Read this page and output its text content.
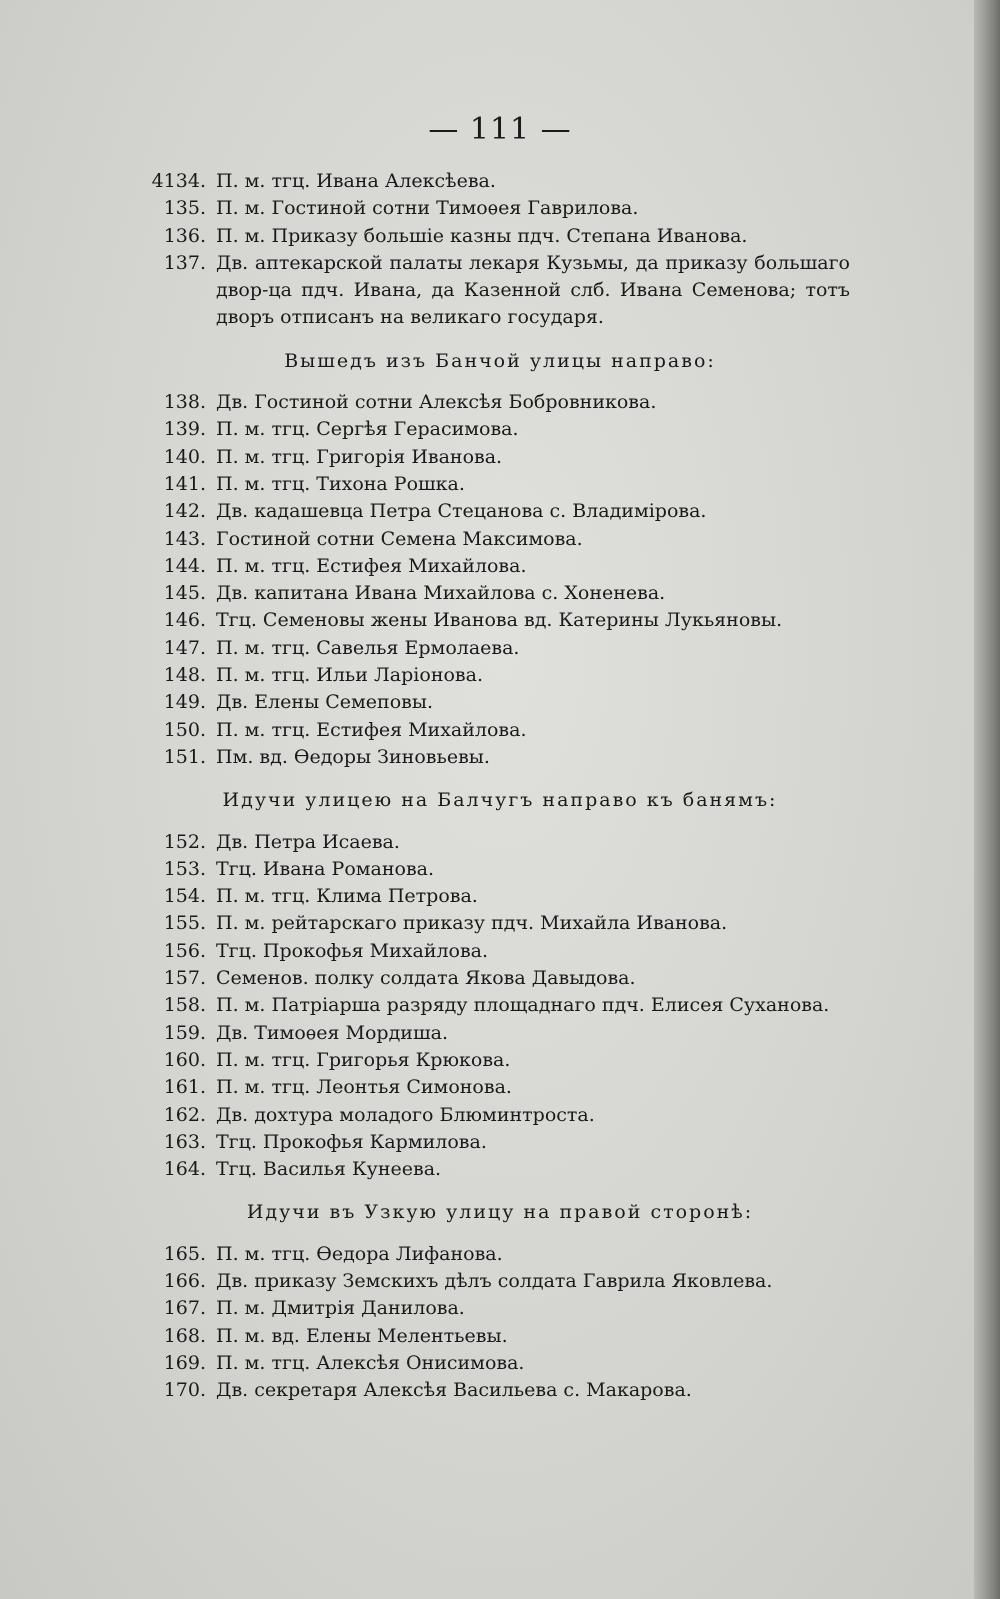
— 111 —
4134. П. м. тгц. Ивана Алексѣева.
135. П. м. Гостиной сотни Тимоѳея Гаврилова.
136. П. м. Приказу большіе казны пдч. Степана Иванова.
137. Дв. аптекарской палаты лекаря Кузьмы, да приказу большаго двор-ца пдч. Ивана, да Казенной слб. Ивана Семенова; тотъ дворъ отписанъ на великаго государя.
Вышедъ изъ Банчой улицы направо:
138. Дв. Гостиной сотни Алексѣя Бобровникова.
139. П. м. тгц. Сергѣя Герасимова.
140. П. м. тгц. Григорія Иванова.
141. П. м. тгц. Тихона Рошка.
142. Дв. кадашевца Петра Стецанова с. Владиміровa.
143. Гостиной сотни Семена Максимова.
144. П. м. тгц. Естифея Михайлова.
145. Дв. капитана Ивана Михайлова с. Хоненева.
146. Тгц. Семеновы жены Иванова вд. Катерины Лукьяновы.
147. П. м. тгц. Савелья Ермолаева.
148. П. м. тгц. Ильи Ларіонова.
149. Дв. Елены Семеповы.
150. П. м. тгц. Естифея Михайлова.
151. Пм. вд. Ѳедоры Зиновьевы.
Идучи улицею на Балчугъ направо къ банямъ:
152. Дв. Петра Исаева.
153. Тгц. Ивана Романова.
154. П. м. тгц. Клима Петрова.
155. П. м. рейтарскаго приказу пдч. Михайла Иванова.
156. Тгц. Прокофья Михайлова.
157. Семенов. полку солдата Якова Давыдова.
158. П. м. Патріарша разряду площаднаго пдч. Елисея Суханова.
159. Дв. Тимоѳея Мордиша.
160. П. м. тгц. Григорья Крюкова.
161. П. м. тгц. Леонтья Симонова.
162. Дв. дохтура моладого Блюминтроста.
163. Тгц. Прокофья Кармилова.
164. Тгц. Василья Кунеева.
Идучи въ Узкую улицу на правой сторонѣ:
165. П. м. тгц. Ѳедора Лифанова.
166. Дв. приказу Земскихъ дѣлъ солдата Гаврила Яковлева.
167. П. м. Дмитрія Данилова.
168. П. м. вд. Елены Мелентьевы.
169. П. м. тгц. Алексѣя Онисимова.
170. Дв. секретаря Алексѣя Васильева с. Макарова.
